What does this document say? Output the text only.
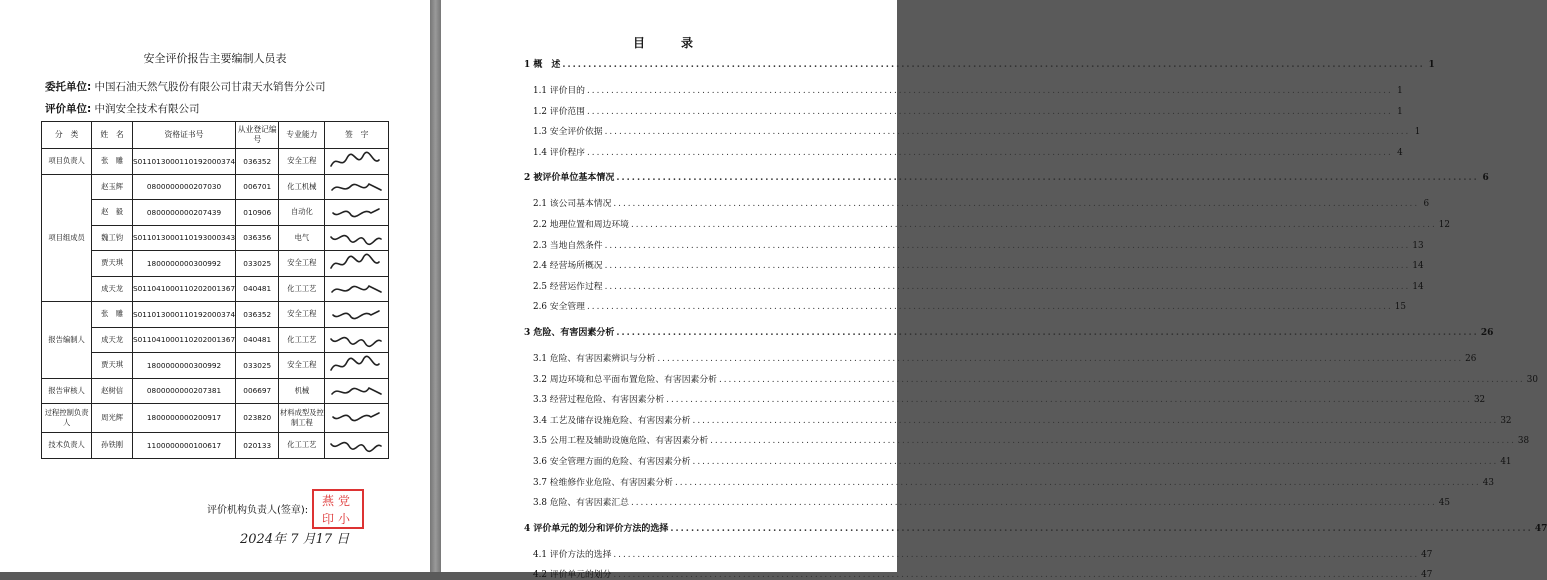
安全评价报告主要编制人员表
委托单位: 中国石油天然气股份有限公司甘肃天水销售分公司
评价单位: 中润安全技术有限公司
分　类	姓　名	资格证书号	从业登记编号	专业能力	签　字
项目负责人	张　雕	S011013000110192000374	036352	安全工程	

项目组成员	赵玉辉	0800000000207030	006701	化工机械	

	赵　毅	0800000000207439	010906	自动化	

	魏工钧	S011013000110193000343	036356	电气	

	贾天琪	1800000000300992	033025	安全工程	

	成天龙	S011041000110202001367	040481	化工工艺	

报告编制人	张　雕	S011013000110192000374	036352	安全工程	

	成天龙	S011041000110202001367	040481	化工工艺	

	贾天琪	1800000000300992	033025	安全工程	

报告审核人	赵树信	0800000000207381	006697	机械	

过程控制负责人	周光辉	1800000000200917	023820	材料成型及控制工程	

技术负责人	孙铁刚	1100000000100617	020133	化工工艺	
评价机构负责人(签章):
燕党
印小
2024年 7 月17 日
目　录
1 概　述 .....	1
1.1 评价目的 .....	1
1.2 评价范围 .....	1
1.3 安全评价依据 .....	1
1.4 评价程序 .....	4
2 被评价单位基本情况 .....	6
2.1 该公司基本情况 .....	6
2.2 地理位置和周边环境 .....	12
2.3 当地自然条件 .....	13
2.4 经营场所概况 .....	14
2.5 经营运作过程 .....	14
2.6 安全管理 .....	15
3 危险、有害因素分析 .....	26
3.1 危险、有害因素辨识与分析 .....	26
3.2 周边环境和总平面布置危险、有害因素分析 .....	30
3.3 经营过程危险、有害因素分析 .....	32
3.4 工艺及储存设施危险、有害因素分析 .....	32
3.5 公用工程及辅助设施危险、有害因素分析 .....	38
3.6 安全管理方面的危险、有害因素分析 .....	41
3.7 检维修作业危险、有害因素分析 .....	43
3.8 危险、有害因素汇总 .....	45
4 评价单元的划分和评价方法的选择 .....	47
4.1 评价方法的选择 .....	47
4.2 评价单元的划分 .....	47
